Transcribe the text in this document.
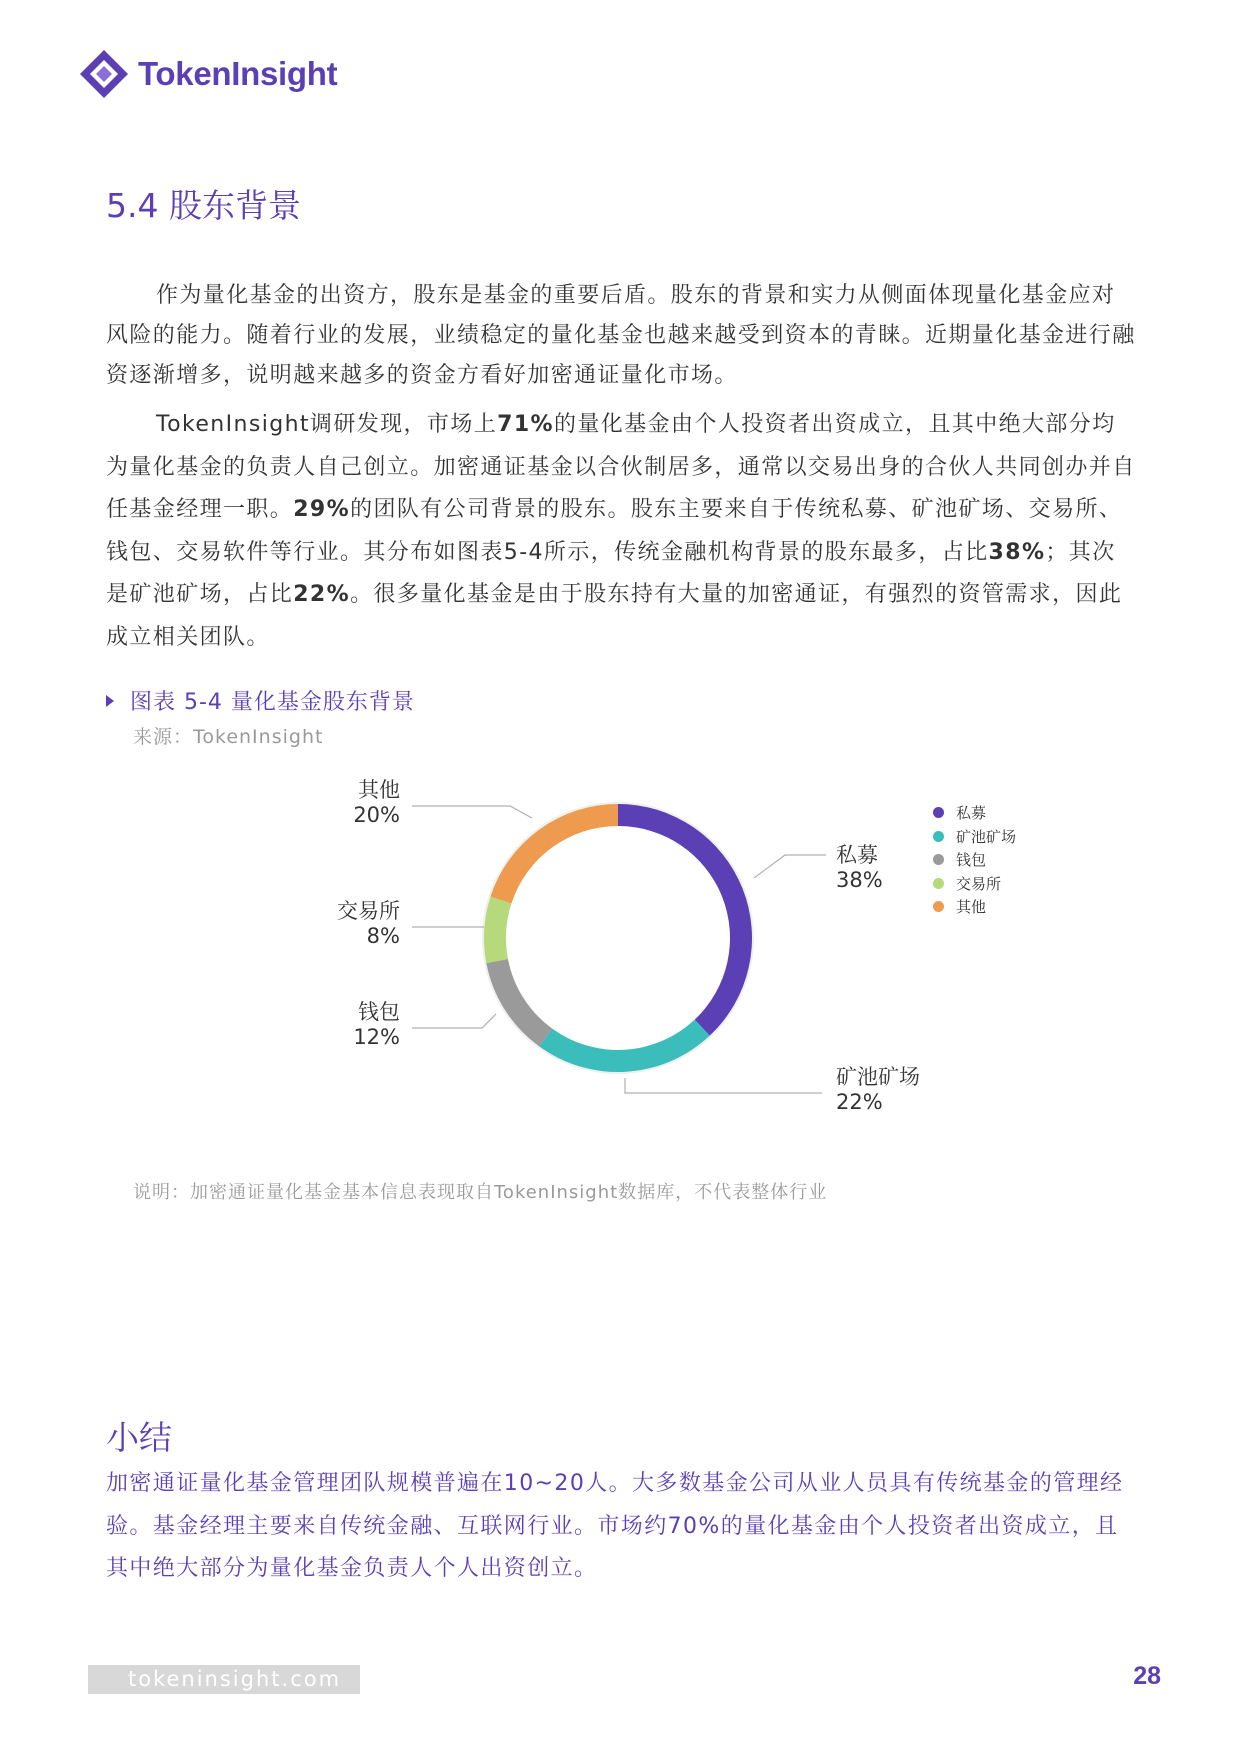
TokenInsight
5.4 股东背景
作为量化基金的出资方，股东是基金的重要后盾。股东的背景和实力从侧面体现量化基金应对风险的能力。随着行业的发展，业绩稳定的量化基金也越来越受到资本的青睐。近期量化基金进行融资逐渐增多，说明越来越多的资金方看好加密通证量化市场。
TokenInsight调研发现，市场上71%的量化基金由个人投资者出资成立，且其中绝大部分均为量化基金的负责人自己创立。加密通证基金以合伙制居多，通常以交易出身的合伙人共同创办并自任基金经理一职。29%的团队有公司背景的股东。股东主要来自于传统私募、矿池矿场、交易所、钱包、交易软件等行业。其分布如图表5-4所示，传统金融机构背景的股东最多，占比38%；其次是矿池矿场，占比22%。很多量化基金是由于股东持有大量的加密通证，有强烈的资管需求，因此成立相关团队。
图表 5-4 量化基金股东背景
来源：TokenInsight
私募
38%
矿池矿场
22%
钱包
12%
交易所
8%
其他
20%	私募
矿池矿场
钱包
交易所
其他
说明：加密通证量化基金基本信息表现取自TokenInsight数据库，不代表整体行业
小结
加密通证量化基金管理团队规模普遍在10~20人。大多数基金公司从业人员具有传统基金的管理经验。基金经理主要来自传统金融、互联网行业。市场约70%的量化基金由个人投资者出资成立，且其中绝大部分为量化基金负责人个人出资创立。
tokeninsight.com	28
